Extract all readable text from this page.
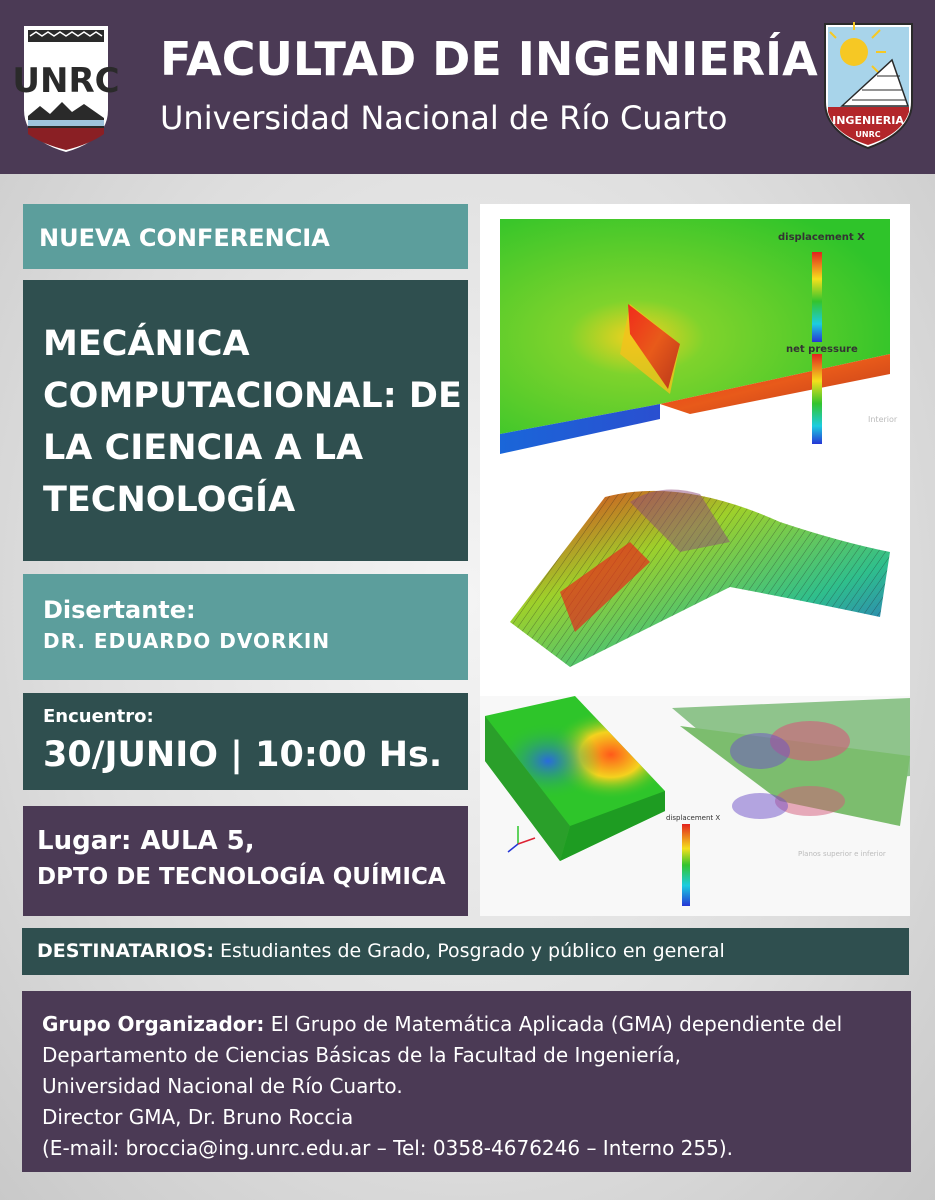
UNRC FACULTAD DE INGENIERÍA
Universidad Nacional de Río Cuarto	INGENIERIA
UNRC
NUEVA CONFERENCIA
MECÁNICA COMPUTACIONAL: DE LA CIENCIA A LA TECNOLOGÍA
Disertante:
DR. EDUARDO DVORKIN
Encuentro:
30/JUNIO | 10:00 Hs.
Lugar: AULA 5,
DPTO DE TECNOLOGÍA QUÍMICA
displacement X
net pressure
Interior
displacement X
Planos superior e inferior
DESTINATARIOS: Estudiantes de Grado, Posgrado y público en general
Grupo Organizador: El Grupo de Matemática Aplicada (GMA) dependiente del
Departamento de Ciencias Básicas de la Facultad de Ingeniería,
Universidad Nacional de Río Cuarto.
Director GMA, Dr. Bruno Roccia
(E-mail: broccia@ing.unrc.edu.ar – Tel: 0358-4676246 – Interno 255).
